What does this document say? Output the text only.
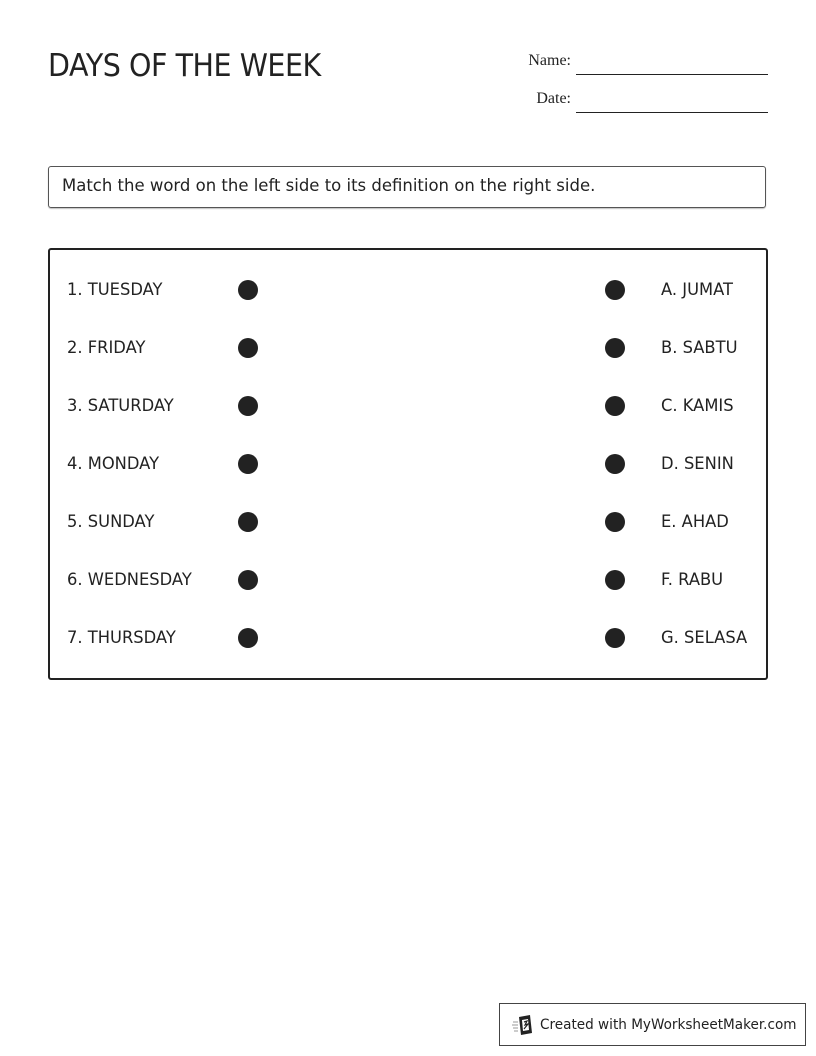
DAYS OF THE WEEK	Name:
Date:
Match the word on the left side to its definition on the right side.
1. TUESDAY	A. JUMAT
2. FRIDAY	B. SABTU
3. SATURDAY	C. KAMIS
4. MONDAY	D. SENIN
5. SUNDAY	E. AHAD
6. WEDNESDAY	F. RABU
7. THURSDAY	G. SELASA
Created with MyWorksheetMaker.com
